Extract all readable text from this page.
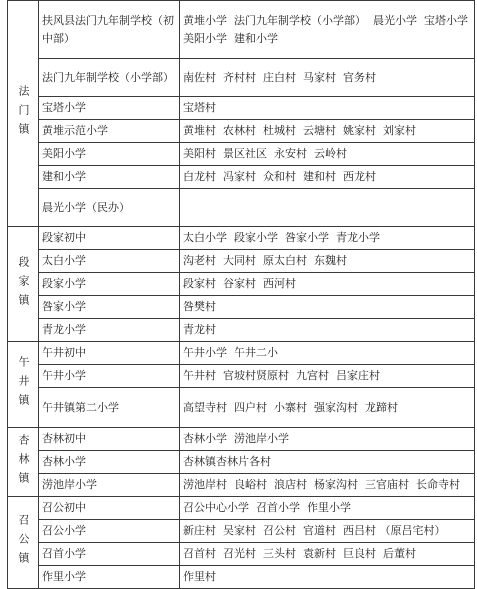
法门镇	扶风县法门九年制学校（初中部）	黄堆小学  法门九年制学校（小学部）  晨光小学  宝塔小学 美阳小学  建和小学
	法门九年制学校（小学部）	南佐村  齐村村  庄白村  马家村  官务村
	宝塔小学	宝塔村
	黄堆示范小学	黄堆村  农林村  杜城村  云塘村  姚家村  刘家村
	美阳小学	美阳村  景区社区  永安村  云岭村
	建和小学	白龙村  冯家村  众和村  建和村  西龙村
	晨光小学（民办）	

段家镇	段家初中	太白小学  段家小学  咎家小学  青龙小学
	太白小学	沟老村  大同村  原太白村  东魏村
	段家小学	段家村  谷家村  西河村
	咎家小学	咎樊村
	青龙小学	青龙村

午井镇	午井初中	午井小学  午井二小
	午井小学	午井村  官坡村贤原村  九宫村  吕家庄村
	午井镇第二小学	高望寺村  四户村  小寨村  强家沟村  龙蹄村

杏林镇	杏林初中	杏林小学  涝池岸小学
	杏林小学	杏林镇杏林片各村
	涝池岸小学	涝池岸村  良峪村  浪店村  杨家沟村  三官庙村  长命寺村

召公镇	召公初中	召公中心小学  召首小学  作里小学
	召公小学	新庄村  吴家村  召公村  官道村  西吕村 （原吕宅村）
	召首小学	召首村  召光村  三头村  袁新村  巨良村  后董村
	作里小学	作里村
